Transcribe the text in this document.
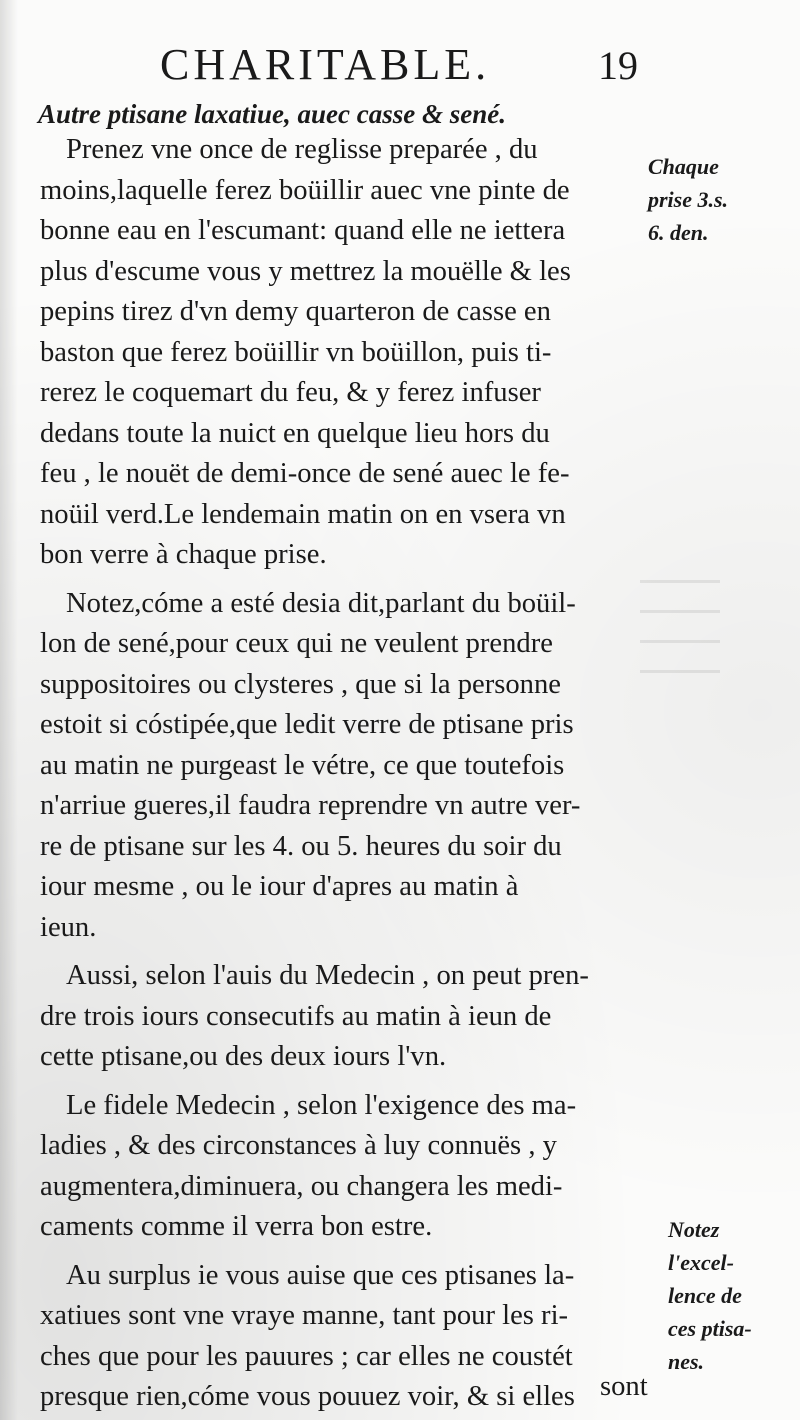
CHARITABLE.	19
Autre ptisane laxatiue, auec casse & sené.
Prenez vne once de reglisse preparée , du
moins,laquelle ferez boüillir auec vne pinte de
bonne eau en l'escumant: quand elle ne iettera
plus d'escume vous y mettrez la mouëlle & les
pepins tirez d'vn demy quarteron de casse en
baston que ferez boüillir vn boüillon, puis ti-
rerez le coquemart du feu, & y ferez infuser
dedans toute la nuict en quelque lieu hors du
feu , le nouët de demi-once de sené auec le fe-
noüil verd.Le lendemain matin on en vsera vn
bon verre à chaque prise.
Notez,cóme a esté desia dit,parlant du boüil-
lon de sené,pour ceux qui ne veulent prendre
suppositoires ou clysteres , que si la personne
estoit si cóstipée,que ledit verre de ptisane pris
au matin ne purgeast le vétre, ce que toutefois
n'arriue gueres,il faudra reprendre vn autre ver-
re de ptisane sur les 4. ou 5. heures du soir du
iour mesme , ou le iour d'apres au matin à
ieun.
Aussi, selon l'auis du Medecin , on peut pren-
dre trois iours consecutifs au matin à ieun de
cette ptisane,ou des deux iours l'vn.
Le fidele Medecin , selon l'exigence des ma-
ladies , & des circonstances à luy connuës , y
augmentera,diminuera, ou changera les medi-
caments comme il verra bon estre.
Au surplus ie vous auise que ces ptisanes la-
xatiues sont vne vraye manne, tant pour les ri-
ches que pour les pauures ; car elles ne coustét
presque rien,cóme vous pouuez voir, & si elles sont
Chaque
prise 3.s.
6. den.
Notez
l'excel-
lence de
ces ptisa-
nes.
